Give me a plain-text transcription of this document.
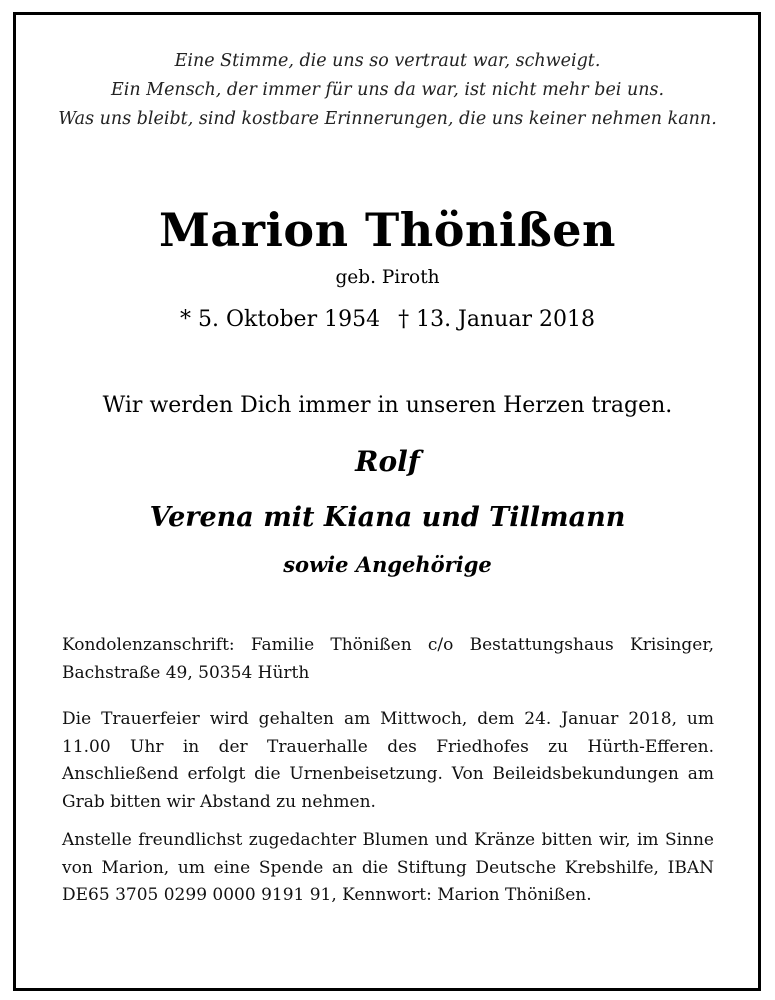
Eine Stimme, die uns so vertraut war, schweigt.
Ein Mensch, der immer für uns da war, ist nicht mehr bei uns.
Was uns bleibt, sind kostbare Erinnerungen, die uns keiner nehmen kann.
Marion Thönißen
geb. Piroth
* 5. Oktober 1954 † 13. Januar 2018
Wir werden Dich immer in unseren Herzen tragen.
Rolf
Verena mit Kiana und Tillmann
sowie Angehörige
Kondolenzanschrift: Familie Thönißen c/o Bestattungshaus Krisinger, Bachstraße 49, 50354 Hürth
Die Trauerfeier wird gehalten am Mittwoch, dem 24. Januar 2018, um 11.00 Uhr in der Trauerhalle des Friedhofes zu Hürth-Efferen. Anschließend erfolgt die Urnenbeisetzung. Von Beileidsbekundungen am Grab bitten wir Abstand zu nehmen.
Anstelle freundlichst zugedachter Blumen und Kränze bitten wir, im Sinne von Marion, um eine Spende an die Stiftung Deutsche Krebshilfe, IBAN DE65 3705 0299 0000 9191 91, Kennwort: Marion Thönißen.
